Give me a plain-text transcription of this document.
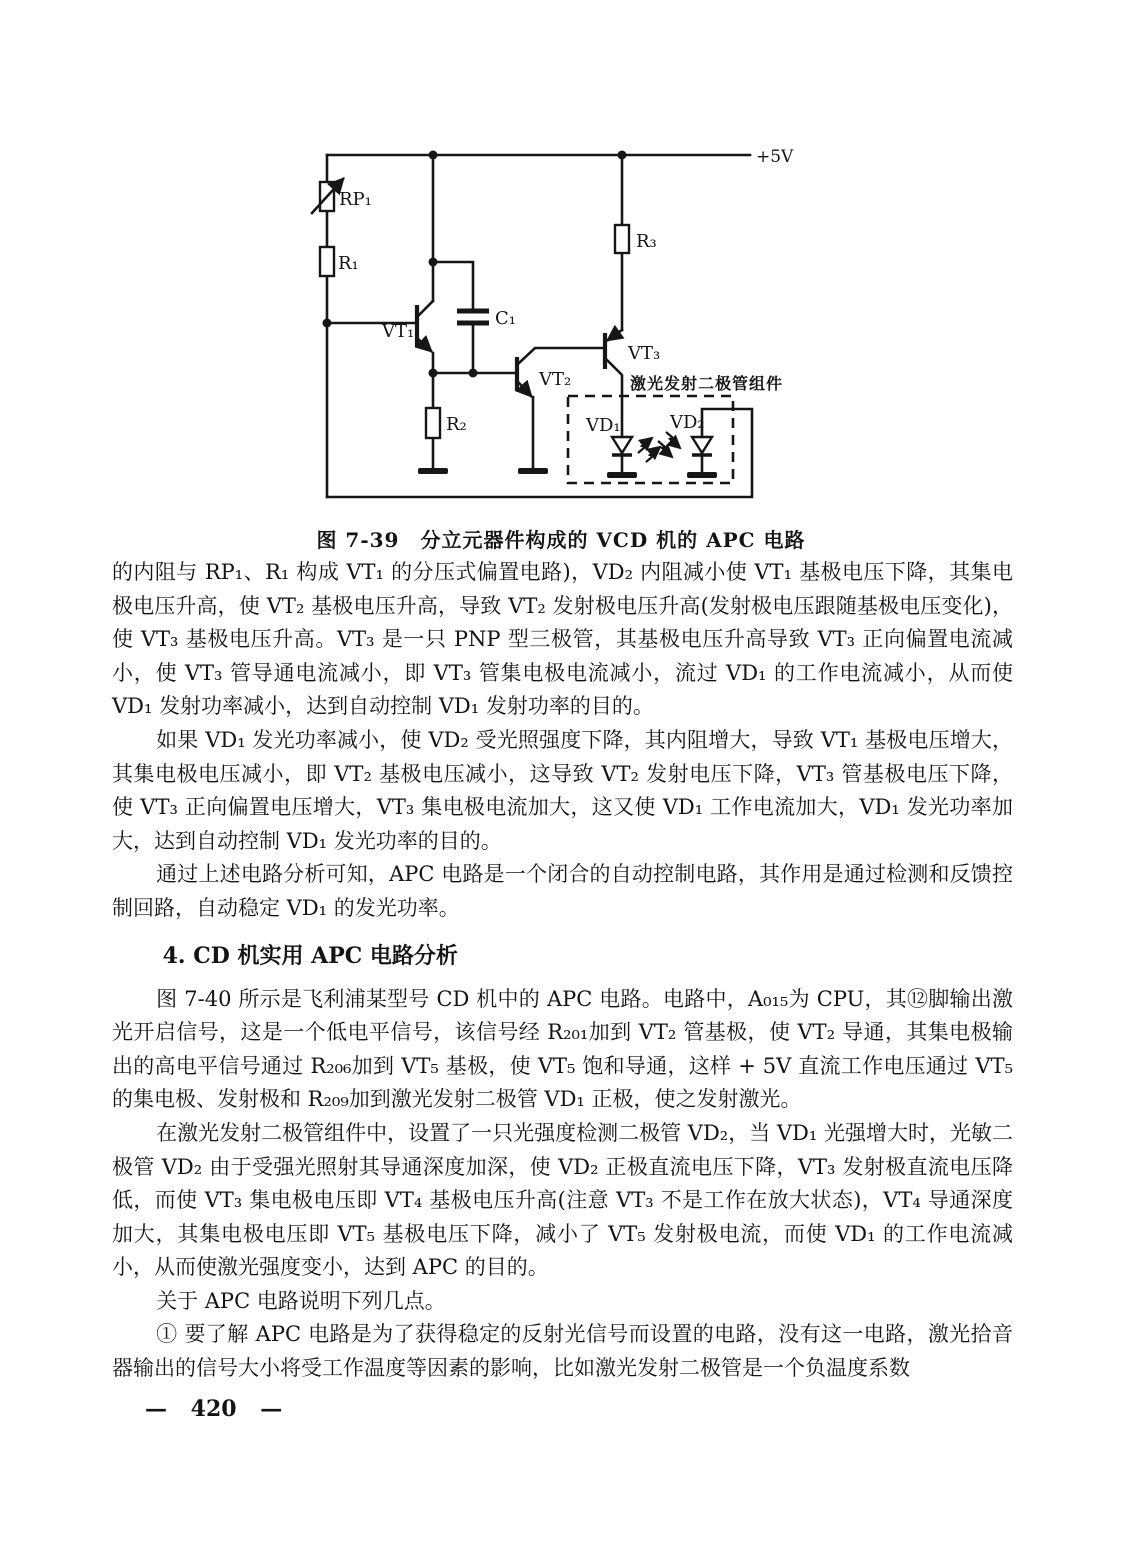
+5V
RP₁
R₁
VT₁
C₁
R₂
VT₂
VT₃
R₃
VD₁	VD₂
激光发射二极管组件
图 7-39　分立元器件构成的 VCD 机的 APC 电路

的内阻与 RP₁、R₁ 构成 VT₁ 的分压式偏置电路)，VD₂ 内阻减小使 VT₁ 基极电压下降，其集电极电压升高，使 VT₂ 基极电压升高，导致 VT₂ 发射极电压升高(发射极电压跟随基极电压变化)，使 VT₃ 基极电压升高。VT₃ 是一只 PNP 型三极管，其基极电压升高导致 VT₃ 正向偏置电流减小，使 VT₃ 管导通电流减小，即 VT₃ 管集电极电流减小，流过 VD₁ 的工作电流减小，从而使 VD₁ 发射功率减小，达到自动控制 VD₁ 发射功率的目的。

如果 VD₁ 发光功率减小，使 VD₂ 受光照强度下降，其内阻增大，导致 VT₁ 基极电压增大，其集电极电压减小，即 VT₂ 基极电压减小，这导致 VT₂ 发射电压下降，VT₃ 管基极电压下降，使 VT₃ 正向偏置电压增大，VT₃ 集电极电流加大，这又使 VD₁ 工作电流加大，VD₁ 发光功率加大，达到自动控制 VD₁ 发光功率的目的。

通过上述电路分析可知，APC 电路是一个闭合的自动控制电路，其作用是通过检测和反馈控制回路，自动稳定 VD₁ 的发光功率。

4. CD 机实用 APC 电路分析

图 7-40 所示是飞利浦某型号 CD 机中的 APC 电路。电路中，A₀₁₅为 CPU，其⑫脚输出激光开启信号，这是一个低电平信号，该信号经 R₂₀₁加到 VT₂ 管基极，使 VT₂ 导通，其集电极输出的高电平信号通过 R₂₀₆加到 VT₅ 基极，使 VT₅ 饱和导通，这样 + 5V 直流工作电压通过 VT₅ 的集电极、发射极和 R₂₀₉加到激光发射二极管 VD₁ 正极，使之发射激光。

在激光发射二极管组件中，设置了一只光强度检测二极管 VD₂，当 VD₁ 光强增大时，光敏二极管 VD₂ 由于受强光照射其导通深度加深，使 VD₂ 正极直流电压下降，VT₃ 发射极直流电压降低，而使 VT₃ 集电极电压即 VT₄ 基极电压升高(注意 VT₃ 不是工作在放大状态)，VT₄ 导通深度加大，其集电极电压即 VT₅ 基极电压下降，减小了 VT₅ 发射极电流，而使 VD₁ 的工作电流减小，从而使激光强度变小，达到 APC 的目的。

关于 APC 电路说明下列几点。

① 要了解 APC 电路是为了获得稳定的反射光信号而设置的电路，没有这一电路，激光拾音器输出的信号大小将受工作温度等因素的影响，比如激光发射二极管是一个负温度系数

— 420 —
